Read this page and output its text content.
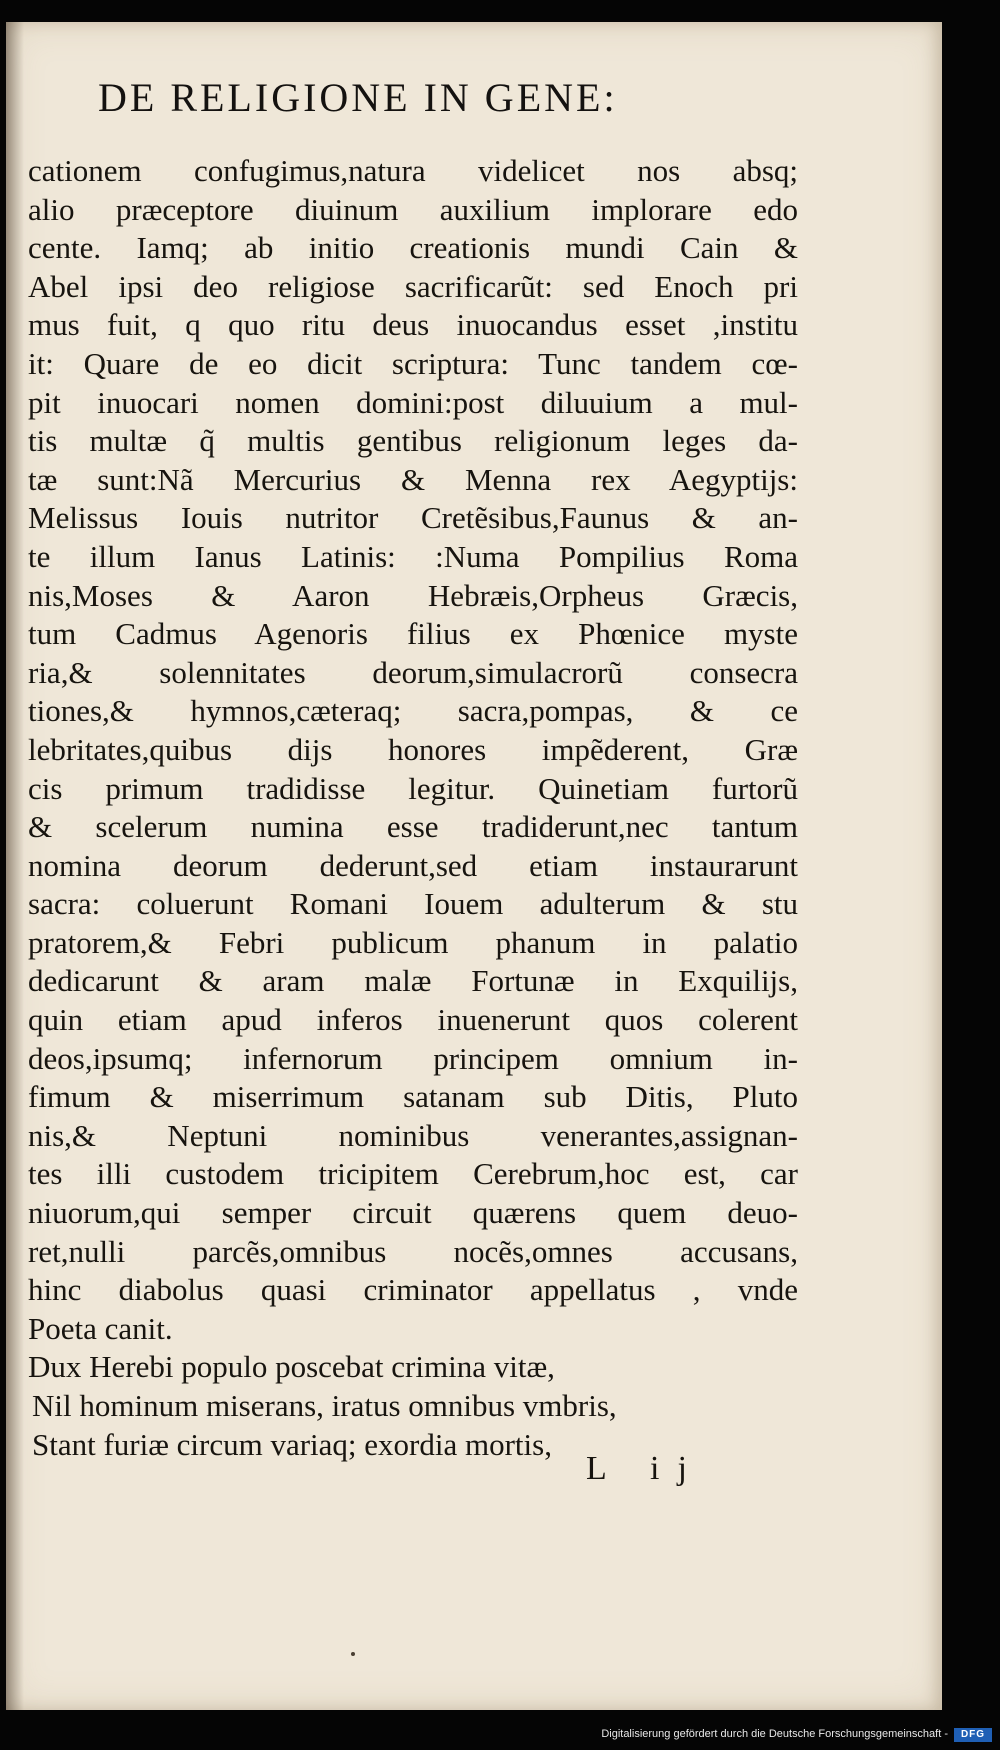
DE RELIGIONE IN GENE:
cationem confugimus,natura videlicet nos absq;
alio præceptore diuinum auxilium implorare edo
cente. Iamq; ab initio creationis mundi Cain &
Abel ipsi deo religiose sacrificarũt: sed Enoch pri
mus fuit, q quo ritu deus inuocandus esset ,institu
it: Quare de eo dicit scriptura: Tunc tandem cœ-
pit inuocari nomen domini:post diluuium a mul-
tis multæ q̃ multis gentibus religionum leges da-
tæ sunt:Nã Mercurius & Menna rex Aegyptijs:
Melissus Iouis nutritor Cretẽsibus,Faunus & an-
te illum Ianus Latinis: :Numa Pompilius Roma
nis,Moses & Aaron Hebræis,Orpheus Græcis,
tum Cadmus Agenoris filius ex Phœnice myste
ria,& solennitates deorum,simulacrorũ consecra
tiones,& hymnos,cæteraq; sacra,pompas, & ce
lebritates,quibus dijs honores impẽderent, Græ
cis primum tradidisse legitur. Quinetiam furtorũ
& scelerum numina esse tradiderunt,nec tantum
nomina deorum dederunt,sed etiam instaurarunt
sacra: coluerunt Romani Iouem adulterum & stu
pratorem,& Febri publicum phanum in palatio
dedicarunt & aram malæ Fortunæ in Exquilijs,
quin etiam apud inferos inuenerunt quos colerent
deos,ipsumq; infernorum principem omnium in-
fimum & miserrimum satanam sub Ditis, Pluto
nis,& Neptuni nominibus venerantes,assignan-
tes illi custodem tricipitem Cerebrum,hoc est, car
niuorum,qui semper circuit quærens quem deuo-
ret,nulli parcẽs,omnibus nocẽs,omnes accusans,
hinc diabolus quasi criminator appellatus , vnde
Poeta canit.
Dux Herebi populo poscebat crimina vitæ,
Nil hominum miserans, iratus omnibus vmbris,
Stant furiæ circum variaq; exordia mortis,
L ij
Digitalisierung gefördert durch die Deutsche Forschungsgemeinschaft -	DFG
